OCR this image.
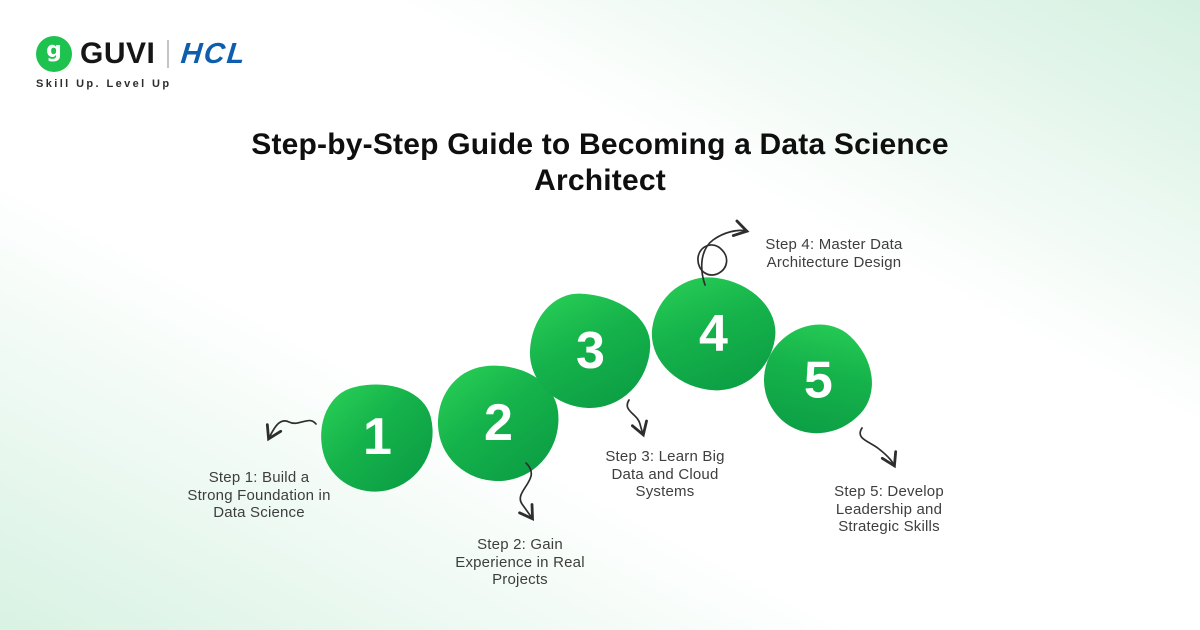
g GUVI HCL
Skill Up. Level Up
Step-by-Step Guide to Becoming a Data Science
Architect
1 2
3 4
5
Step 1: Build a
Strong Foundation in
Data Science
Step 2: Gain
Experience in Real
Projects
Step 3: Learn Big
Data and Cloud
Systems
Step 4: Master Data
Architecture Design
Step 5: Develop
Leadership and
Strategic Skills
